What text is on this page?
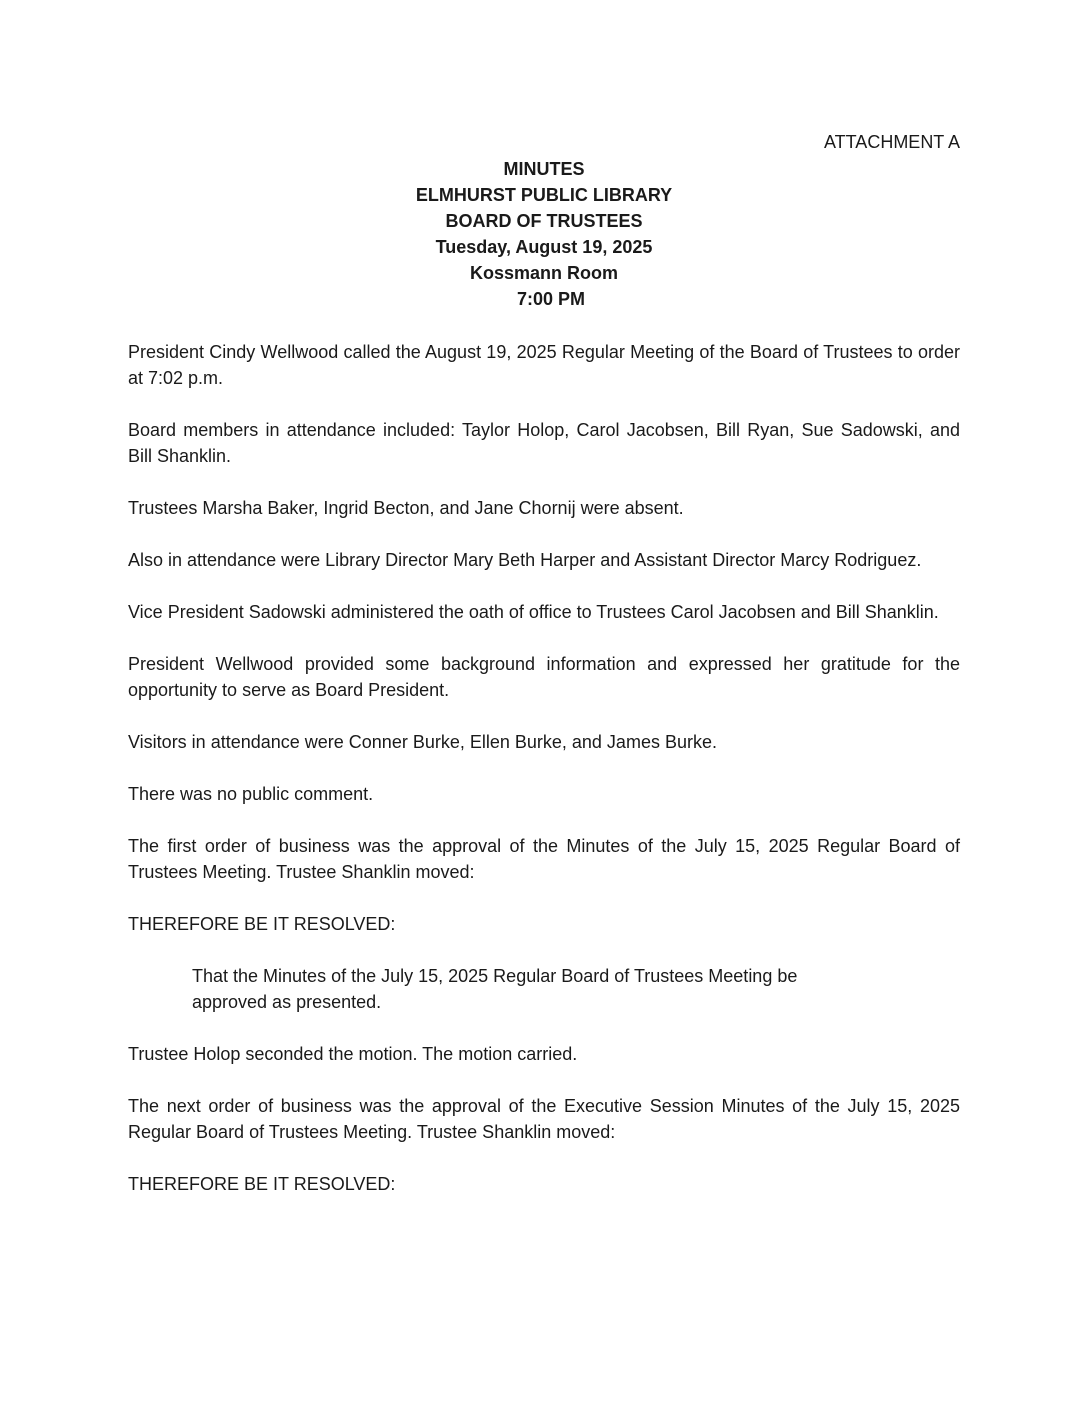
ATTACHMENT A
MINUTES
ELMHURST PUBLIC LIBRARY
BOARD OF TRUSTEES
Tuesday, August 19, 2025
Kossmann Room
7:00 PM

President Cindy Wellwood called the August 19, 2025 Regular Meeting of the Board of Trustees to order at 7:02 p.m.

Board members in attendance included: Taylor Holop, Carol Jacobsen, Bill Ryan, Sue Sadowski, and Bill Shanklin.

Trustees Marsha Baker, Ingrid Becton, and Jane Chornij were absent.

Also in attendance were Library Director Mary Beth Harper and Assistant Director Marcy Rodriguez.

Vice President Sadowski administered the oath of office to Trustees Carol Jacobsen and Bill Shanklin.

President Wellwood provided some background information and expressed her gratitude for the opportunity to serve as Board President.

Visitors in attendance were Conner Burke, Ellen Burke, and James Burke.

There was no public comment.

The first order of business was the approval of the Minutes of the July 15, 2025 Regular Board of Trustees Meeting. Trustee Shanklin moved:

THEREFORE BE IT RESOLVED:

That the Minutes of the July 15, 2025 Regular Board of Trustees Meeting be approved as presented.

Trustee Holop seconded the motion. The motion carried.

The next order of business was the approval of the Executive Session Minutes of the July 15, 2025 Regular Board of Trustees Meeting. Trustee Shanklin moved:

THEREFORE BE IT RESOLVED:
